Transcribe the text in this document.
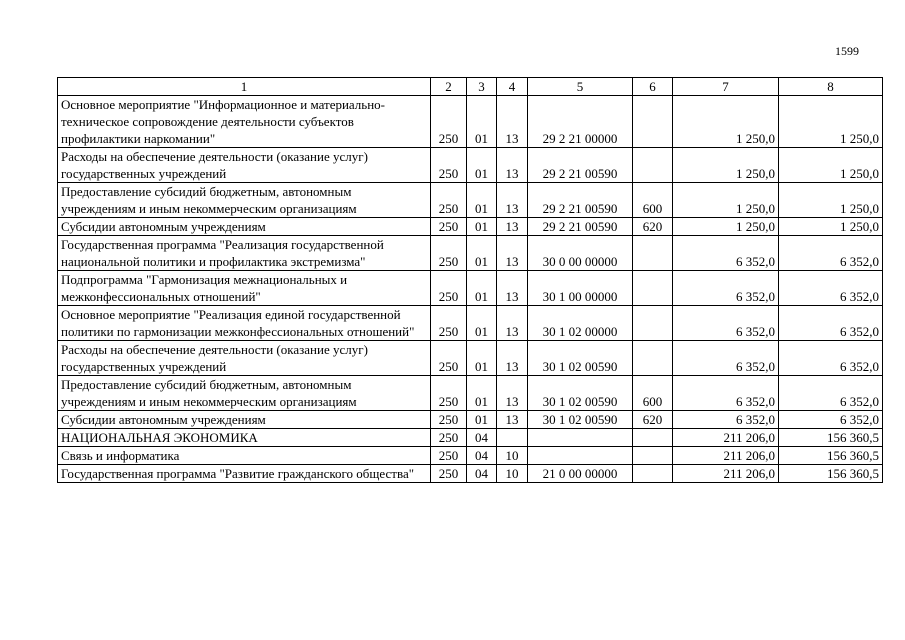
1599
1	2	3	4	5	6	7	8
Основное мероприятие "Информационное и материально-техническое сопровождение деятельности субъектов профилактики наркомании"	250	01	13	29 2 21 00000		1 250,0	1 250,0
Расходы на обеспечение деятельности (оказание услуг) государственных учреждений	250	01	13	29 2 21 00590		1 250,0	1 250,0
Предоставление субсидий бюджетным, автономным учреждениям и иным некоммерческим организациям	250	01	13	29 2 21 00590	600	1 250,0	1 250,0
Субсидии автономным учреждениям	250	01	13	29 2 21 00590	620	1 250,0	1 250,0
Государственная программа "Реализация государственной национальной политики и профилактика экстремизма"	250	01	13	30 0 00 00000		6 352,0	6 352,0
Подпрограмма "Гармонизация межнациональных и межконфессиональных отношений"	250	01	13	30 1 00 00000		6 352,0	6 352,0
Основное мероприятие "Реализация единой государственной политики по гармонизации межконфессиональных отношений"	250	01	13	30 1 02 00000		6 352,0	6 352,0
Расходы на обеспечение деятельности (оказание услуг) государственных учреждений	250	01	13	30 1 02 00590		6 352,0	6 352,0
Предоставление субсидий бюджетным, автономным учреждениям и иным некоммерческим организациям	250	01	13	30 1 02 00590	600	6 352,0	6 352,0
Субсидии автономным учреждениям	250	01	13	30 1 02 00590	620	6 352,0	6 352,0
НАЦИОНАЛЬНАЯ ЭКОНОМИКА	250	04				211 206,0	156 360,5
Связь и информатика	250	04	10			211 206,0	156 360,5
Государственная программа "Развитие гражданского общества"	250	04	10	21 0 00 00000		211 206,0	156 360,5
